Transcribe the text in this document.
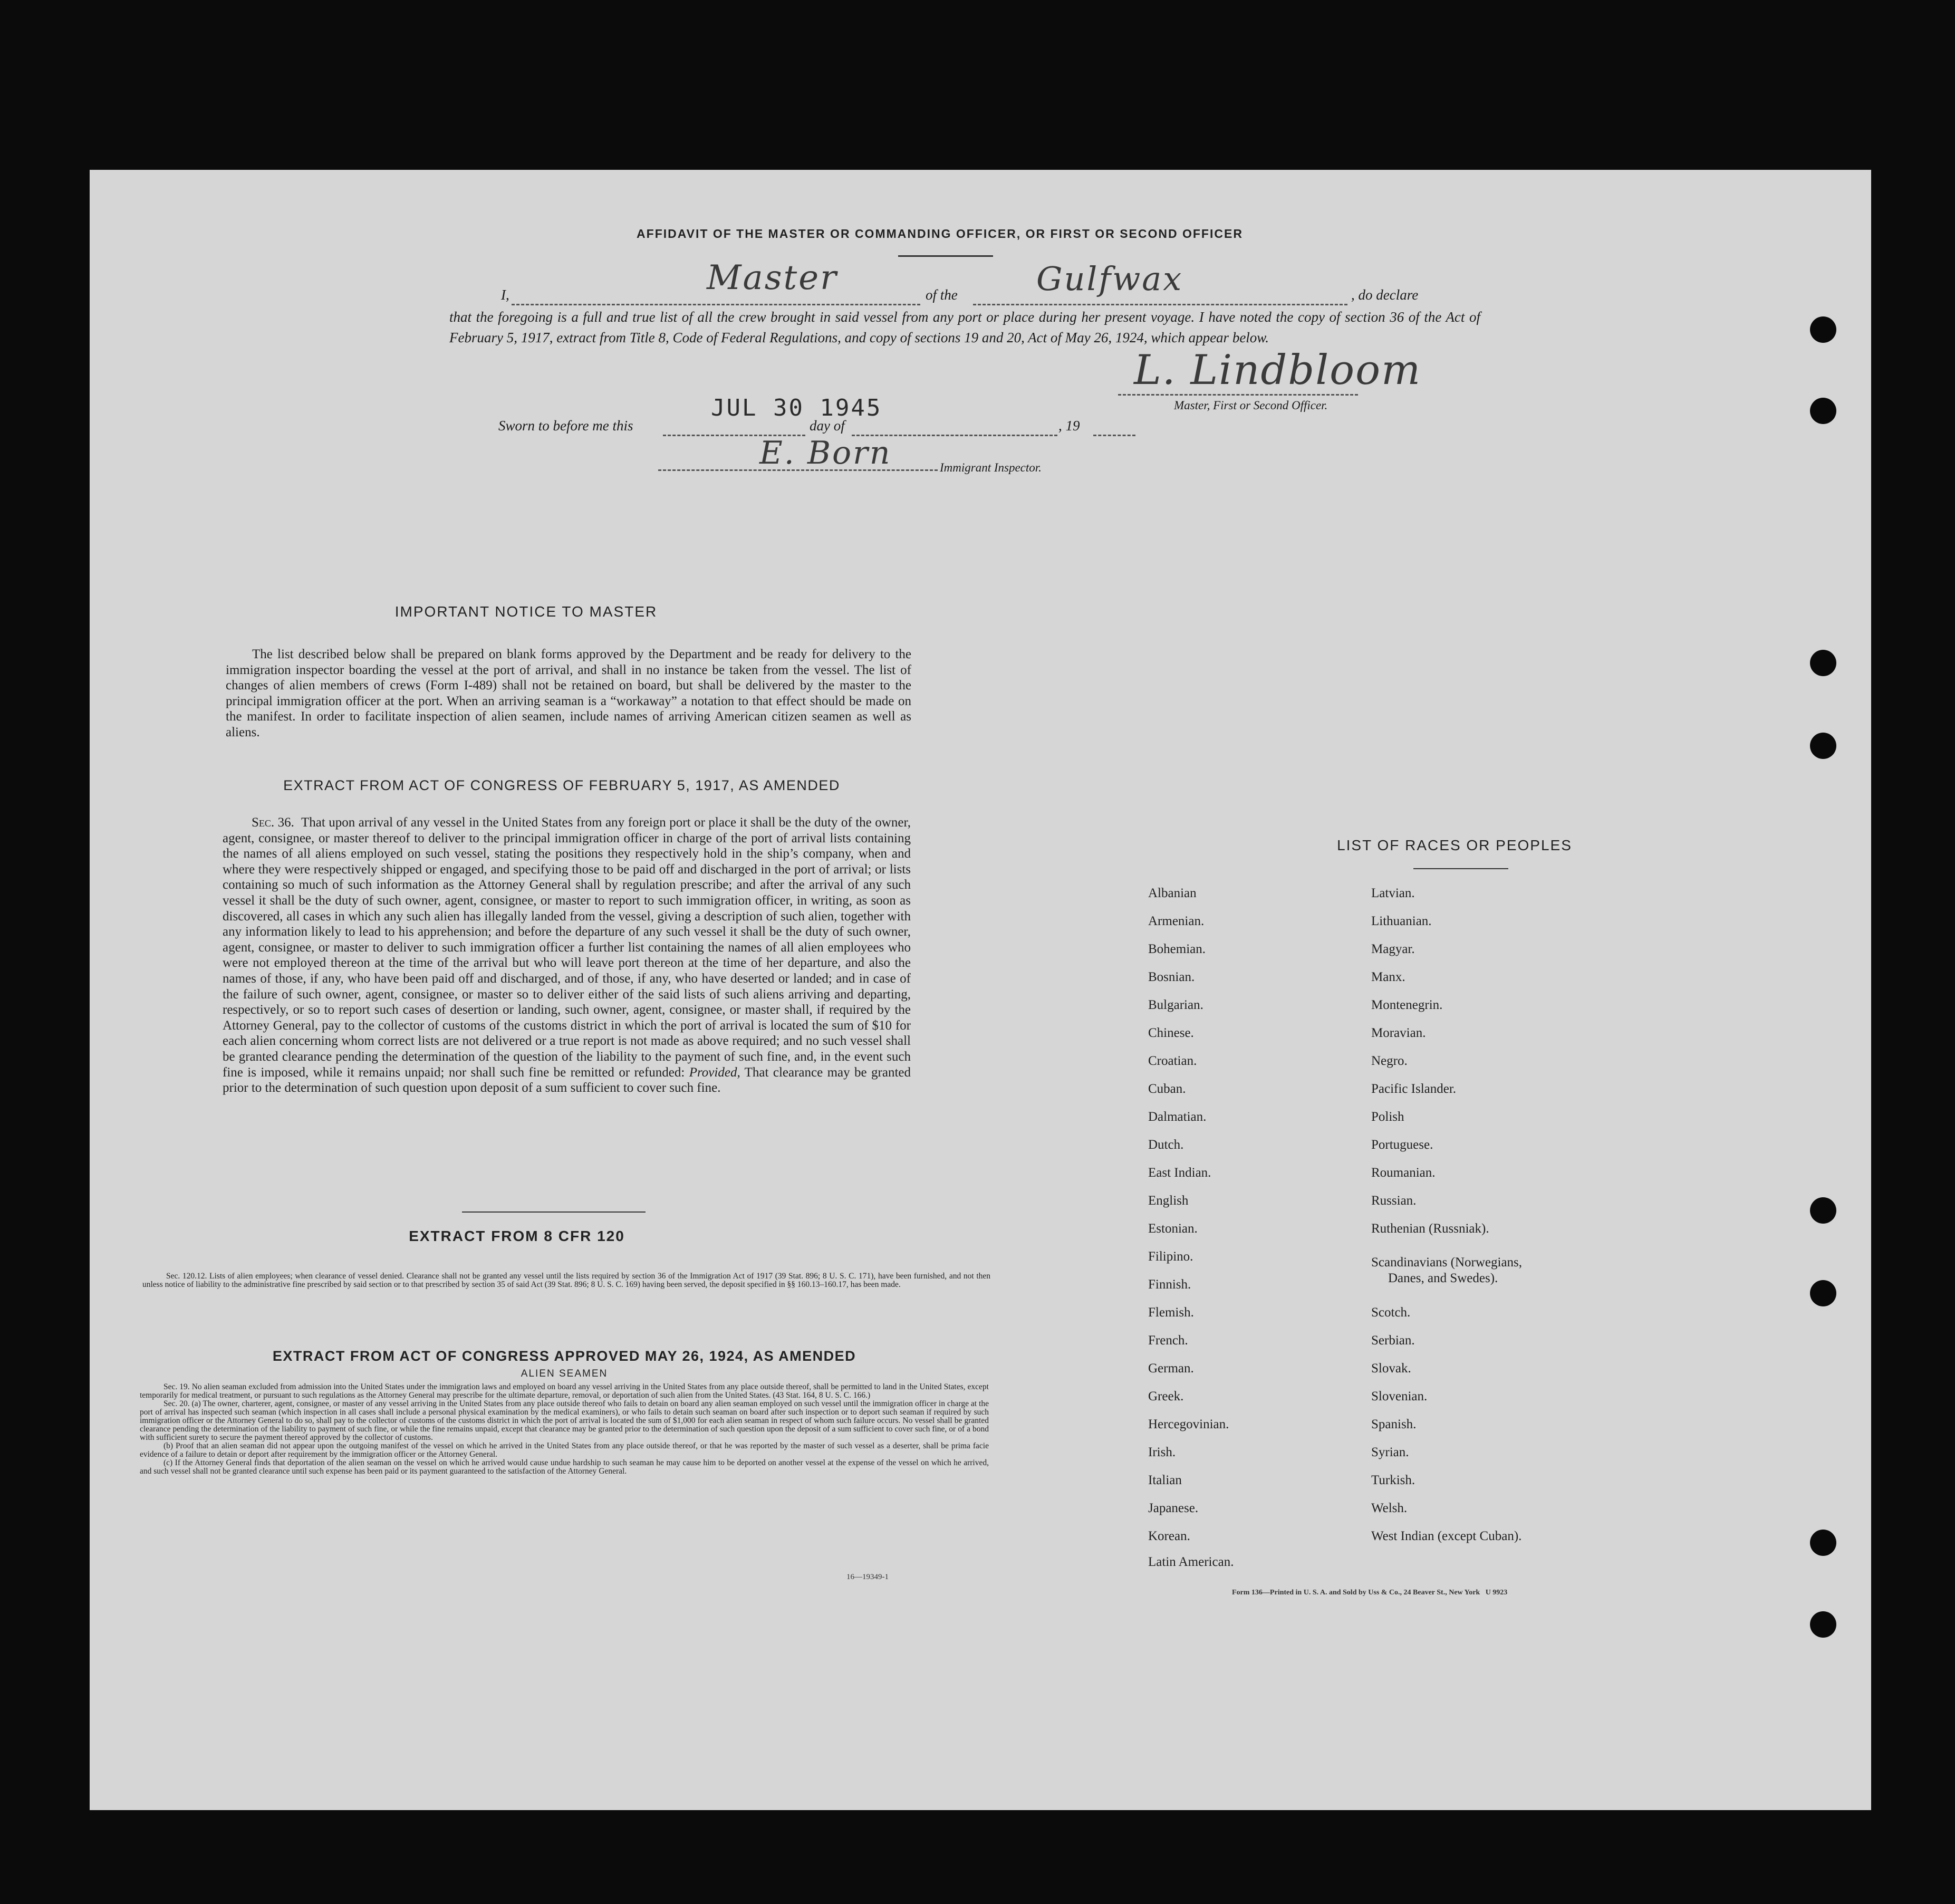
AFFIDAVIT OF THE MASTER OR COMMANDING OFFICER, OR FIRST OR SECOND OFFICER
I,	of the	, do declare
Master	Gulfwax
that the foregoing is a full and true list of all the crew brought in said vessel from any port or place during her present voyage. I have noted the copy of section 36 of the Act of February 5, 1917, extract from Title 8, Code of Federal Regulations, and copy of sections 19 and 20, Act of May 26, 1924, which appear below.
L. Lindbloom
Master, First or Second Officer.
JUL 30 1945
Sworn to before me this	day of	, 19
E. Born	Immigrant Inspector.
IMPORTANT NOTICE TO MASTER
The list described below shall be prepared on blank forms approved by the Department and be ready for delivery to the immigration inspector boarding the vessel at the port of arrival, and shall in no instance be taken from the vessel. The list of changes of alien members of crews (Form I-489) shall not be retained on board, but shall be delivered by the master to the principal immigration officer at the port. When an arriving seaman is a “workaway” a notation to that effect should be made on the manifest. In order to facilitate inspection of alien seamen, include names of arriving American citizen seamen as well as aliens.
EXTRACT FROM ACT OF CONGRESS OF FEBRUARY 5, 1917, AS AMENDED
Sec. 36. That upon arrival of any vessel in the United States from any foreign port or place it shall be the duty of the owner, agent, consignee, or master thereof to deliver to the principal immigration officer in charge of the port of arrival lists containing the names of all aliens employed on such vessel, stating the positions they respectively hold in the ship’s company, when and where they were respectively shipped or engaged, and specifying those to be paid off and discharged in the port of arrival; or lists containing so much of such information as the Attorney General shall by regulation prescribe; and after the arrival of any such vessel it shall be the duty of such owner, agent, consignee, or master to report to such immigration officer, in writing, as soon as discovered, all cases in which any such alien has illegally landed from the vessel, giving a description of such alien, together with any information likely to lead to his apprehension; and before the departure of any such vessel it shall be the duty of such owner, agent, consignee, or master to deliver to such immigration officer a further list containing the names of all alien employees who were not employed thereon at the time of the arrival but who will leave port thereon at the time of her departure, and also the names of those, if any, who have been paid off and discharged, and of those, if any, who have deserted or landed; and in case of the failure of such owner, agent, consignee, or master so to deliver either of the said lists of such aliens arriving and departing, respectively, or so to report such cases of desertion or landing, such owner, agent, consignee, or master shall, if required by the Attorney General, pay to the collector of customs of the customs district in which the port of arrival is located the sum of $10 for each alien concerning whom correct lists are not delivered or a true report is not made as above required; and no such vessel shall be granted clearance pending the determination of the question of the liability to the payment of such fine, and, in the event such fine is imposed, while it remains unpaid; nor shall such fine be remitted or refunded: Provided, That clearance may be granted prior to the determination of such question upon deposit of a sum sufficient to cover such fine.
EXTRACT FROM 8 CFR 120
Sec. 120.12. Lists of alien employees; when clearance of vessel denied. Clearance shall not be granted any vessel until the lists required by section 36 of the Immigration Act of 1917 (39 Stat. 896; 8 U. S. C. 171), have been furnished, and not then unless notice of liability to the administrative fine prescribed by said section or to that prescribed by section 35 of said Act (39 Stat. 896; 8 U. S. C. 169) having been served, the deposit specified in §§ 160.13–160.17, has been made.
EXTRACT FROM ACT OF CONGRESS APPROVED MAY 26, 1924, AS AMENDED
ALIEN SEAMEN
Sec. 19. No alien seaman excluded from admission into the United States under the immigration laws and employed on board any vessel arriving in the United States from any place outside thereof, shall be permitted to land in the United States, except temporarily for medical treatment, or pursuant to such regulations as the Attorney General may prescribe for the ultimate departure, removal, or deportation of such alien from the United States. (43 Stat. 164, 8 U. S. C. 166.)
Sec. 20. (a) The owner, charterer, agent, consignee, or master of any vessel arriving in the United States from any place outside thereof who fails to detain on board any alien seaman employed on such vessel until the immigration officer in charge at the port of arrival has inspected such seaman (which inspection in all cases shall include a personal physical examination by the medical examiners), or who fails to detain such seaman on board after such inspection or to deport such seaman if required by such immigration officer or the Attorney General to do so, shall pay to the collector of customs of the customs district in which the port of arrival is located the sum of $1,000 for each alien seaman in respect of whom such failure occurs. No vessel shall be granted clearance pending the determination of the liability to payment of such fine, or while the fine remains unpaid, except that clearance may be granted prior to the determination of such question upon the deposit of a sum sufficient to cover such fine, or of a bond with sufficient surety to secure the payment thereof approved by the collector of customs.
(b) Proof that an alien seaman did not appear upon the outgoing manifest of the vessel on which he arrived in the United States from any place outside thereof, or that he was reported by the master of such vessel as a deserter, shall be prima facie evidence of a failure to detain or deport after requirement by the immigration officer or the Attorney General.
(c) If the Attorney General finds that deportation of the alien seaman on the vessel on which he arrived would cause undue hardship to such seaman he may cause him to be deported on another vessel at the expense of the vessel on which he arrived, and such vessel shall not be granted clearance until such expense has been paid or its payment guaranteed to the satisfaction of the Attorney General.
16—19349-1
LIST OF RACES OR PEOPLES
Albanian
Armenian.
Bohemian.
Bosnian.
Bulgarian.
Chinese.
Croatian.
Cuban.
Dalmatian.
Dutch.
East Indian.
English
Estonian.
Filipino.
Finnish.
Flemish.
French.
German.
Greek.
Hercegovinian.
Irish.
Italian
Japanese.
Korean.
Latin American.
Latvian.
Lithuanian.
Magyar.
Manx.
Montenegrin.
Moravian.
Negro.
Pacific Islander.
Polish
Portuguese.
Roumanian.
Russian.
Ruthenian (Russniak).
Scandinavians (Norwegians,
Danes, and Swedes).
Scotch.
Serbian.
Slovak.
Slovenian.
Spanish.
Syrian.
Turkish.
Welsh.
West Indian (except Cuban).
Form 136—Printed in U. S. A. and Sold by Uss & Co., 24 Beaver St., New York   U 9923
